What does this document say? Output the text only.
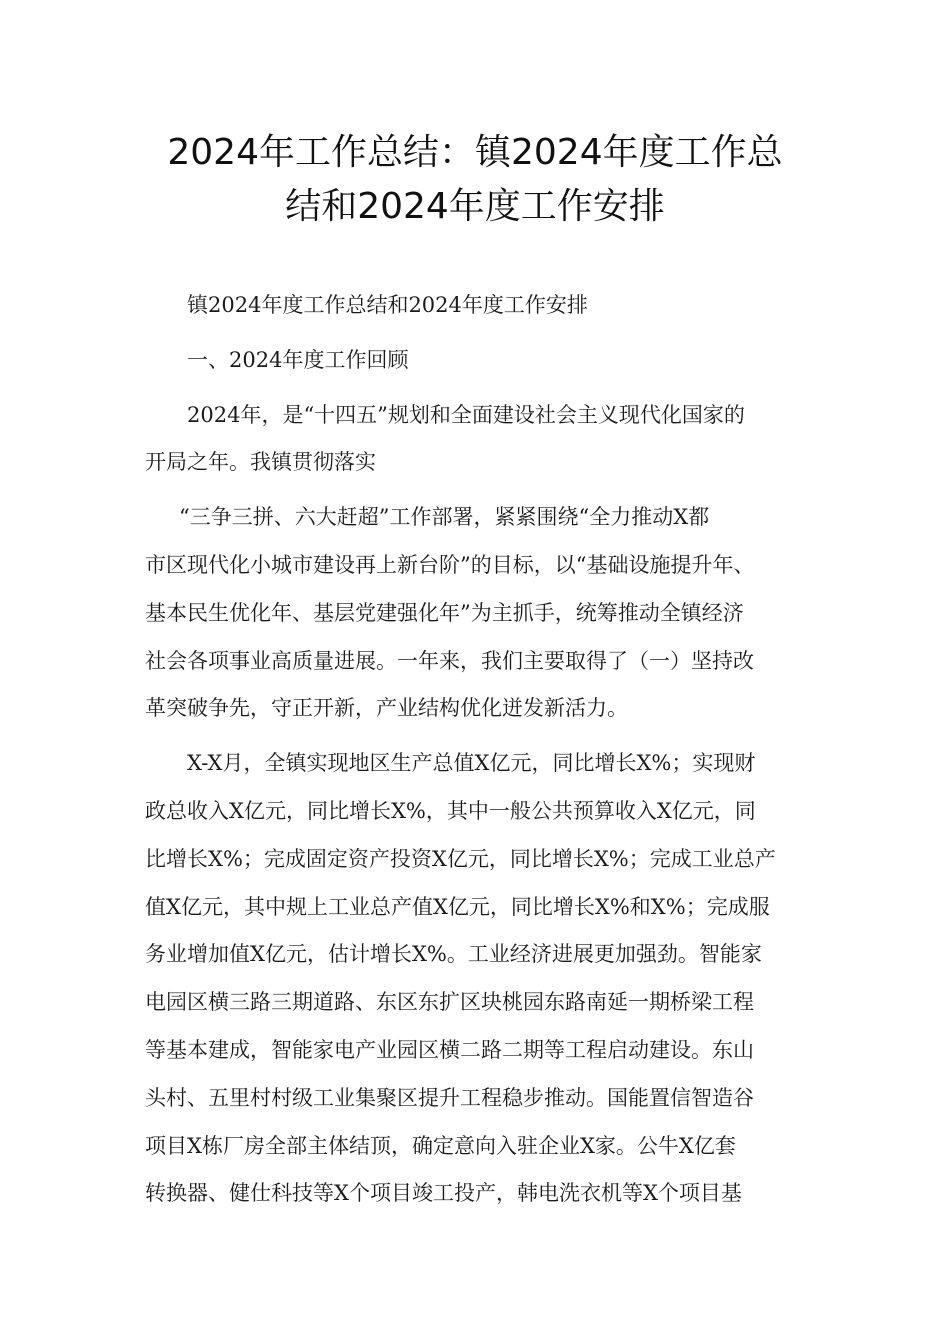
2024年工作总结：镇2024年度工作总
结和2024年度工作安排
镇2024年度工作总结和2024年度工作安排
一、2024年度工作回顾
2024年，是“十四五”规划和全面建设社会主义现代化国家的
开局之年。我镇贯彻落实
“三争三拼、六大赶超”工作部署，紧紧围绕“全力推动X都
市区现代化小城市建设再上新台阶”的目标，以“基础设施提升年、
基本民生优化年、基层党建强化年”为主抓手，统筹推动全镇经济
社会各项事业高质量进展。一年来，我们主要取得了（一）坚持改
革突破争先，守正开新，产业结构优化迸发新活力。
X-X月，全镇实现地区生产总值X亿元，同比增长X%；实现财
政总收入X亿元，同比增长X%，其中一般公共预算收入X亿元，同
比增长X%；完成固定资产投资X亿元，同比增长X%；完成工业总产
值X亿元，其中规上工业总产值X亿元，同比增长X%和X%；完成服
务业增加值X亿元，估计增长X%。工业经济进展更加强劲。智能家
电园区横三路三期道路、东区东扩区块桃园东路南延一期桥梁工程
等基本建成，智能家电产业园区横二路二期等工程启动建设。东山
头村、五里村村级工业集聚区提升工程稳步推动。国能置信智造谷
项目X栋厂房全部主体结顶，确定意向入驻企业X家。公牛X亿套
转换器、健仕科技等X个项目竣工投产，韩电洗衣机等X个项目基
